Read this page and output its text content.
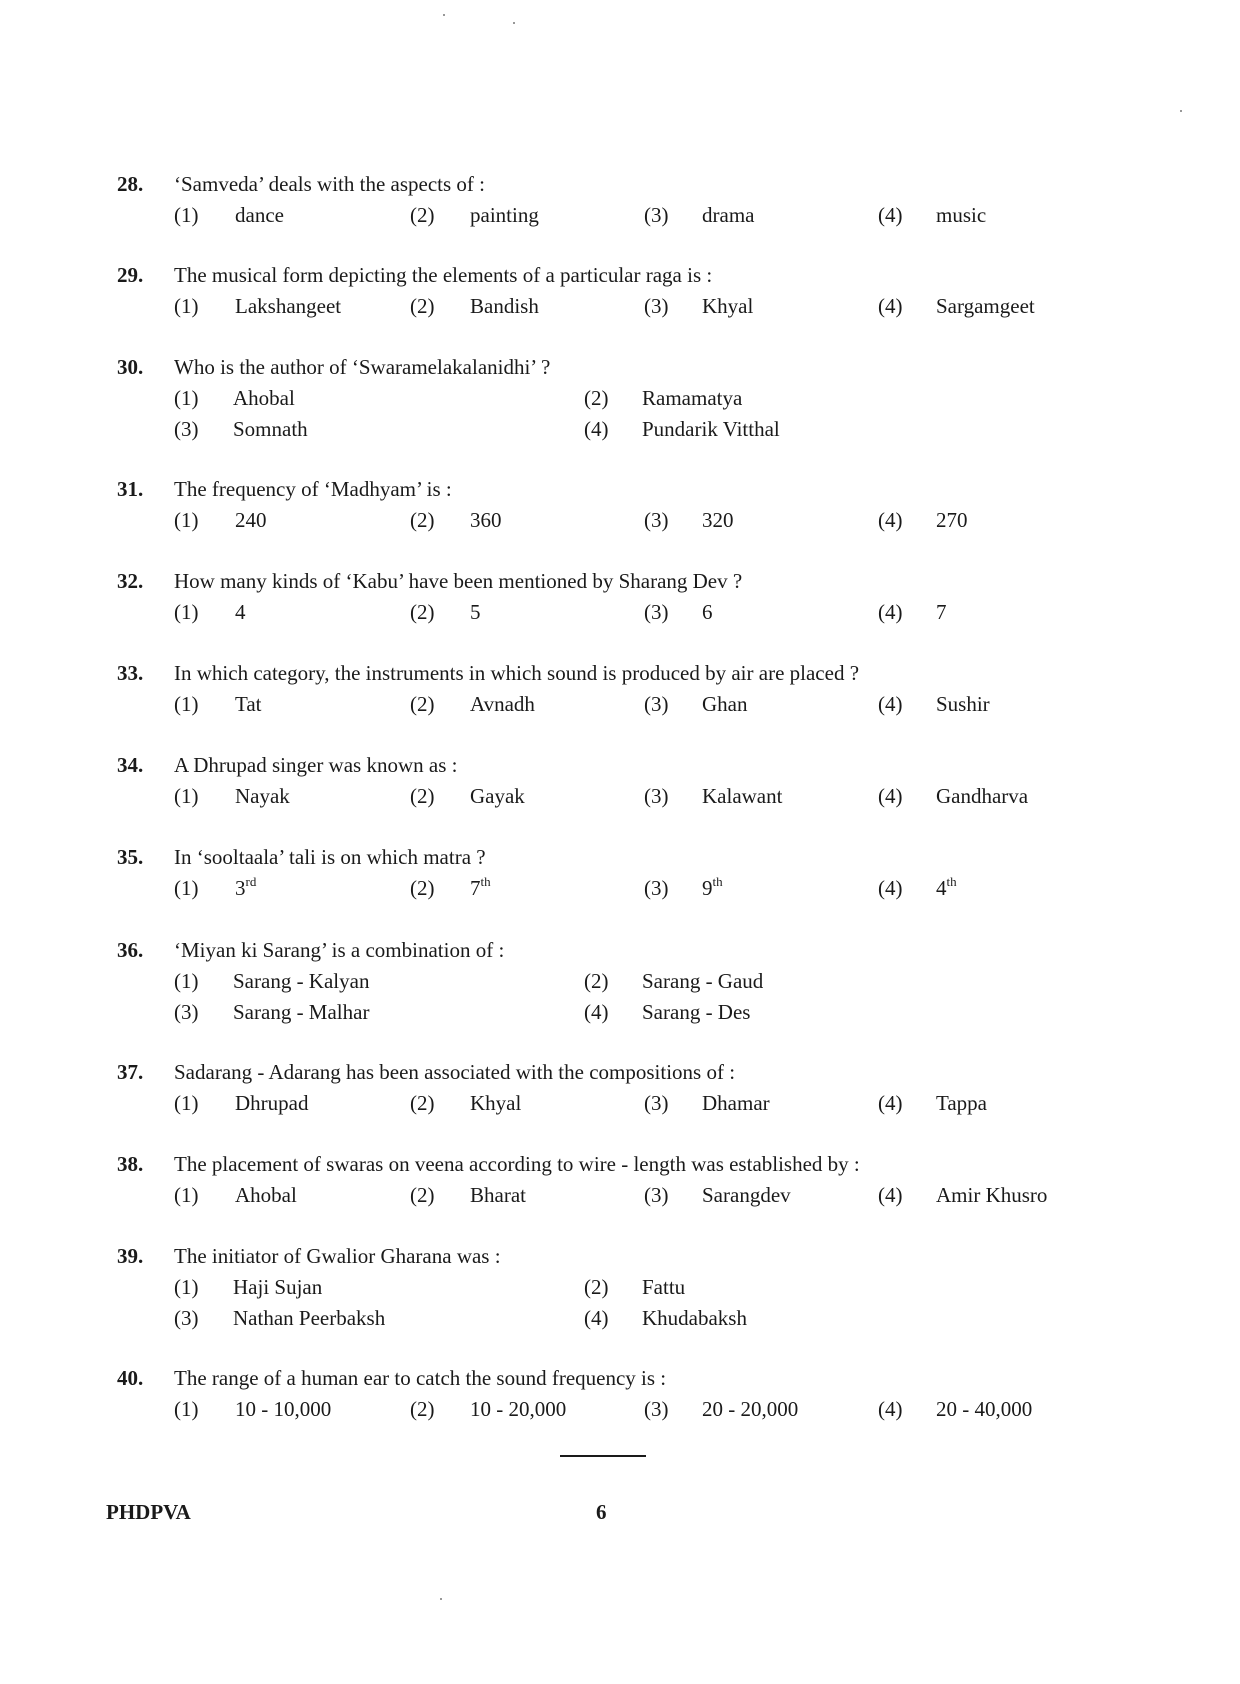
28. ‘Samveda’ deals with the aspects of :
(1) dance	(2) painting	(3) drama	(4) music
29. The musical form depicting the elements of a particular raga is :
(1) Lakshangeet	(2) Bandish	(3) Khyal	(4) Sargamgeet
30. Who is the author of ‘Swaramelakalanidhi’ ?
(1) Ahobal	(2) Ramamatya
(3) Somnath	(4) Pundarik Vitthal
31. The frequency of ‘Madhyam’ is :
(1) 240	(2) 360	(3) 320	(4) 270
32. How many kinds of ‘Kabu’ have been mentioned by Sharang Dev ?
(1) 4	(2) 5	(3) 6	(4) 7
33. In which category, the instruments in which sound is produced by air are placed ?
(1) Tat	(2) Avnadh	(3) Ghan	(4) Sushir
34. A Dhrupad singer was known as :
(1) Nayak	(2) Gayak	(3) Kalawant	(4) Gandharva
35. In ‘sooltaala’ tali is on which matra ?
(1) 3rd	(2) 7th	(3) 9th	(4) 4th
36. ‘Miyan ki Sarang’ is a combination of :
(1) Sarang - Kalyan	(2) Sarang - Gaud
(3) Sarang - Malhar	(4) Sarang - Des
37. Sadarang - Adarang has been associated with the compositions of :
(1) Dhrupad	(2) Khyal	(3) Dhamar	(4) Tappa
38. The placement of swaras on veena according to wire - length was established by :
(1) Ahobal	(2) Bharat	(3) Sarangdev	(4) Amir Khusro
39. The initiator of Gwalior Gharana was :
(1) Haji Sujan	(2) Fattu
(3) Nathan Peerbaksh	(4) Khudabaksh
40. The range of a human ear to catch the sound frequency is :
(1) 10 - 10,000	(2) 10 - 20,000	(3) 20 - 20,000	(4) 20 - 40,000
PHDPVA	6
